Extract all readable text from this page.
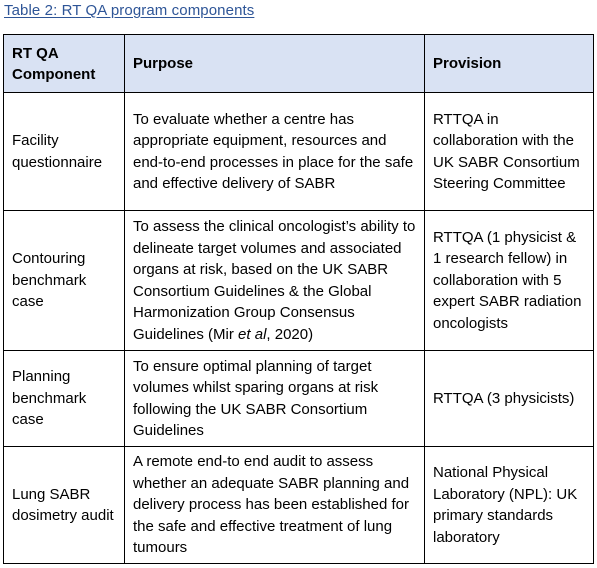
Table 2: RT QA program components
RT QA Component	Purpose	Provision
Facility questionnaire	To evaluate whether a centre has appropriate equipment, resources and end-to-end processes in place for the safe and effective delivery of SABR	RTTQA in collaboration with the UK SABR Consortium Steering Committee
Contouring benchmark case	To assess the clinical oncologist’s ability to delineate target volumes and associated organs at risk, based on the UK SABR Consortium Guidelines & the Global Harmonization Group Consensus Guidelines (Mir et al, 2020)	RTTQA (1 physicist & 1 research fellow) in collaboration with 5 expert SABR radiation oncologists
Planning benchmark case	To ensure optimal planning of target volumes whilst sparing organs at risk following the UK SABR Consortium Guidelines	RTTQA (3 physicists)
Lung SABR dosimetry audit	A remote end-to end audit to assess whether an adequate SABR planning and delivery process has been established for the safe and effective treatment of lung tumours	National Physical Laboratory (NPL): UK primary standards laboratory
